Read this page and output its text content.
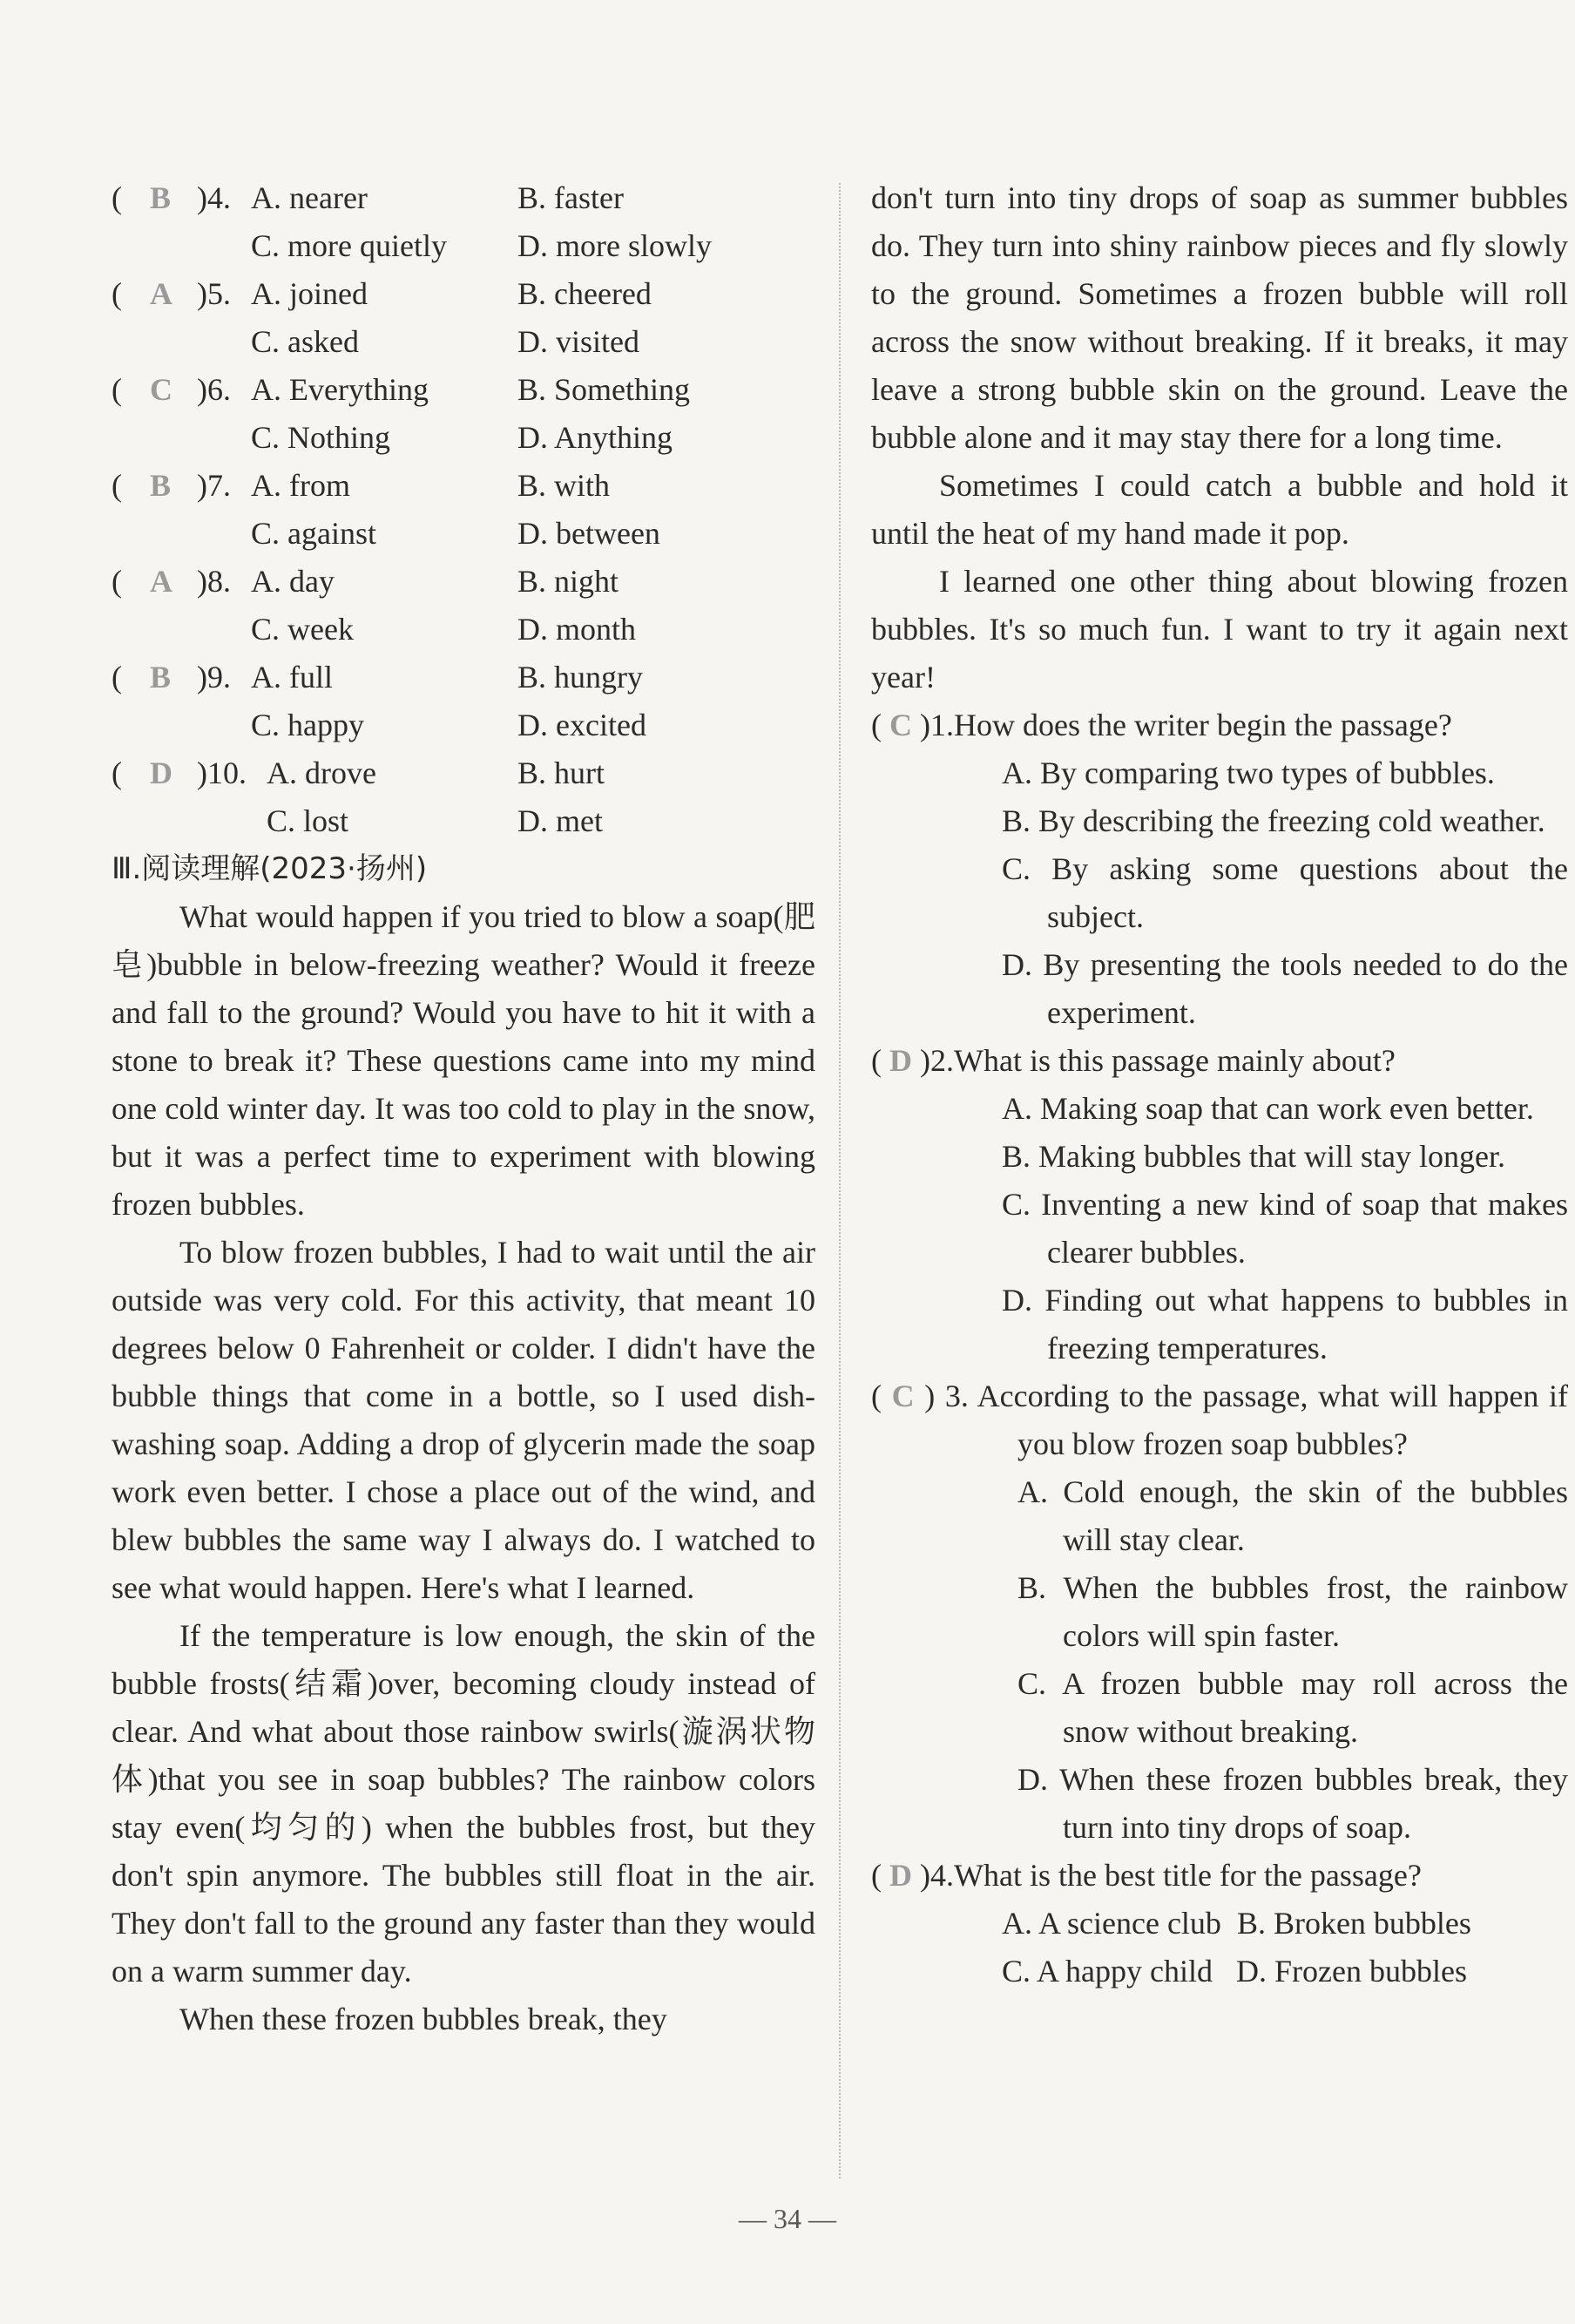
( B )4. A. nearer	B. faster
C. more quietly D. more slowly
( A )5. A. joined	B. cheered
C. asked	D. visited
( C )6. A. Everything	B. Something
C. Nothing	D. Anything
( B )7. A. from	B. with
C. against	D. between
( A )8. A. day	B. night
C. week	D. month
( B )9. A. full	B. hungry
C. happy	D. excited
( D )10. A. drove	B. hurt
C. lost	D. met

Ⅲ.阅读理解(2023·扬州)

What would happen if you tried to blow a soap(肥皂)bubble in below-freezing weather? Would it freeze and fall to the ground? Would you have to hit it with a stone to break it? These questions came into my mind one cold winter day. It was too cold to play in the snow, but it was a perfect time to experiment with blowing frozen bubbles.

To blow frozen bubbles, I had to wait until the air outside was very cold. For this activity, that meant 10 degrees below 0 Fahrenheit or colder. I didn't have the bubble things that come in a bottle, so I used dish-washing soap. Adding a drop of glycerin made the soap work even better. I chose a place out of the wind, and blew bubbles the same way I always do. I watched to see what would happen. Here's what I learned.

If the temperature is low enough, the skin of the bubble frosts(结霜)over, becoming cloudy instead of clear. And what about those rainbow swirls(漩涡状物体)that you see in soap bubbles? The rainbow colors stay even(均匀的) when the bubbles frost, but they don't spin anymore. The bubbles still float in the air. They don't fall to the ground any faster than they would on a warm summer day.

When these frozen bubbles break, they

don't turn into tiny drops of soap as summer bubbles do. They turn into shiny rainbow pieces and fly slowly to the ground. Sometimes a frozen bubble will roll across the snow without breaking. If it breaks, it may leave a strong bubble skin on the ground. Leave the bubble alone and it may stay there for a long time.

Sometimes I could catch a bubble and hold it until the heat of my hand made it pop.

I learned one other thing about blowing frozen bubbles. It's so much fun. I want to try it again next year!

( C )1.How does the writer begin the passage?

A. By comparing two types of bubbles.

B. By describing the freezing cold weather.

C. By asking some questions about the subject.

D. By presenting the tools needed to do the experiment.

( D )2.What is this passage mainly about?

A. Making soap that can work even better.

B. Making bubbles that will stay longer.

C. Inventing a new kind of soap that makes clearer bubbles.

D. Finding out what happens to bubbles in freezing temperatures.

( C ) 3. According to the passage, what will happen if you blow frozen soap bubbles?

A. Cold enough, the skin of the bubbles will stay clear.

B. When the bubbles frost, the rainbow colors will spin faster.

C. A frozen bubble may roll across the snow without breaking.

D. When these frozen bubbles break, they turn into tiny drops of soap.

( D )4.What is the best title for the passage?

A. A science club B. Broken bubbles

C. A happy child D. Frozen bubbles

— 34 —
